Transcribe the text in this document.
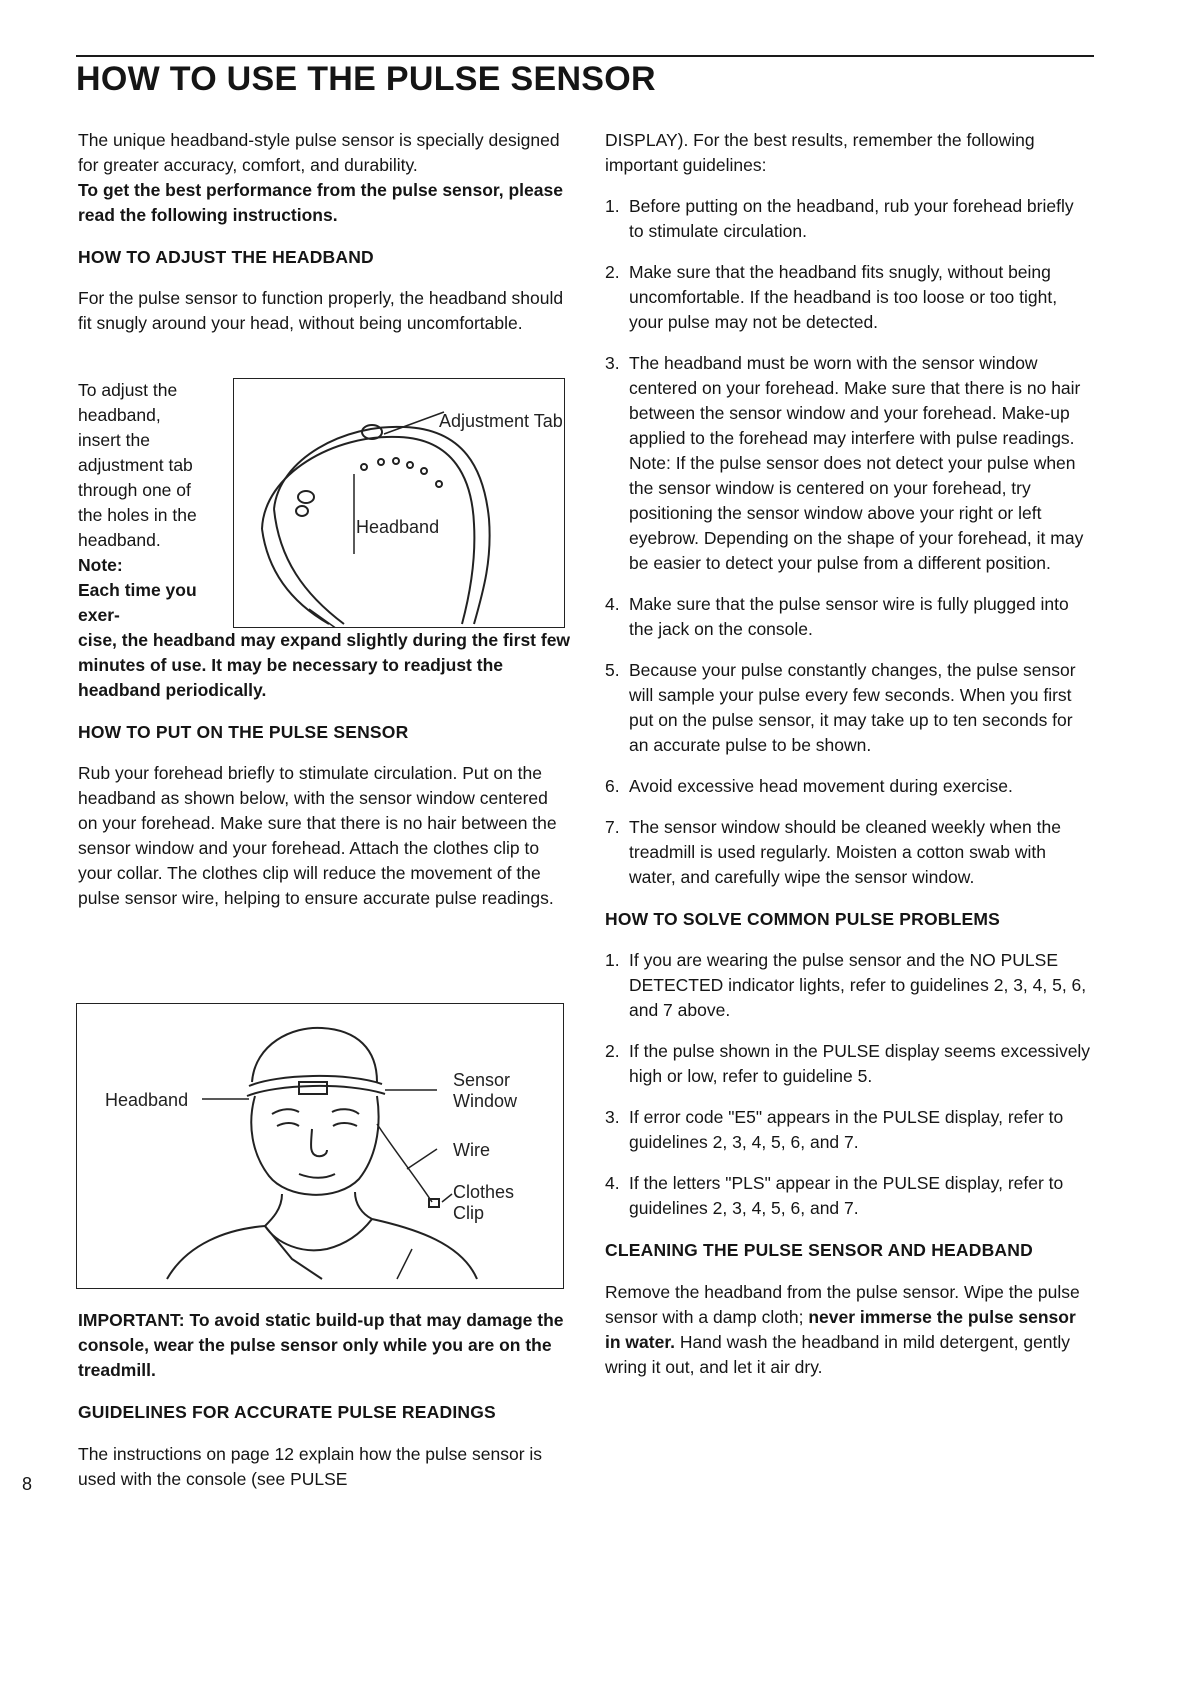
HOW TO USE THE PULSE SENSOR

The unique headband-style pulse sensor is specially designed for greater accuracy, comfort, and durability.

To get the best performance from the pulse sensor, please read the following instructions.

HOW TO ADJUST THE HEADBAND

For the pulse sensor to function properly, the headband should fit snugly around your head, without being uncomfortable.

To adjust the headband, insert the adjustment tab through one of the holes in the headband.

Note:

Each time you exer-

Adjustment Tab
Headband

cise, the headband may expand slightly during the first few minutes of use. It may be necessary to readjust the headband periodically.

HOW TO PUT ON THE PULSE SENSOR

Rub your forehead briefly to stimulate circulation. Put on the headband as shown below, with the sensor window centered on your forehead. Make sure that there is no hair between the sensor window and your forehead. Attach the clothes clip to your collar. The clothes clip will reduce the movement of the pulse sensor wire, helping to ensure accurate pulse readings.

Headband
Sensor Window
Wire
Clothes Clip

IMPORTANT: To avoid static build-up that may damage the console, wear the pulse sensor only while you are on the treadmill.

GUIDELINES FOR ACCURATE PULSE READINGS

The instructions on page 12 explain how the pulse sensor is used with the console (see PULSE

8

DISPLAY). For the best results, remember the following important guidelines:

1. Before putting on the headband, rub your forehead briefly to stimulate circulation.
2. Make sure that the headband fits snugly, without being uncomfortable. If the headband is too loose or too tight, your pulse may not be detected.
3. The headband must be worn with the sensor window centered on your forehead. Make sure that there is no hair between the sensor window and your forehead. Make-up applied to the forehead may interfere with pulse readings. Note: If the pulse sensor does not detect your pulse when the sensor window is centered on your forehead, try positioning the sensor window above your right or left eyebrow. Depending on the shape of your forehead, it may be easier to detect your pulse from a different position.
4. Make sure that the pulse sensor wire is fully plugged into the jack on the console.
5. Because your pulse constantly changes, the pulse sensor will sample your pulse every few seconds. When you first put on the pulse sensor, it may take up to ten seconds for an accurate pulse to be shown.
6. Avoid excessive head movement during exercise.
7. The sensor window should be cleaned weekly when the treadmill is used regularly. Moisten a cotton swab with water, and carefully wipe the sensor window.

HOW TO SOLVE COMMON PULSE PROBLEMS

1. If you are wearing the pulse sensor and the NO PULSE DETECTED indicator lights, refer to guidelines 2, 3, 4, 5, 6, and 7 above.
2. If the pulse shown in the PULSE display seems excessively high or low, refer to guideline 5.
3. If error code "E5" appears in the PULSE display, refer to guidelines 2, 3, 4, 5, 6, and 7.
4. If the letters "PLS" appear in the PULSE display, refer to guidelines 2, 3, 4, 5, 6, and 7.

CLEANING THE PULSE SENSOR AND HEADBAND

Remove the headband from the pulse sensor. Wipe the pulse sensor with a damp cloth; never immerse the pulse sensor in water. Hand wash the headband in mild detergent, gently wring it out, and let it air dry.
